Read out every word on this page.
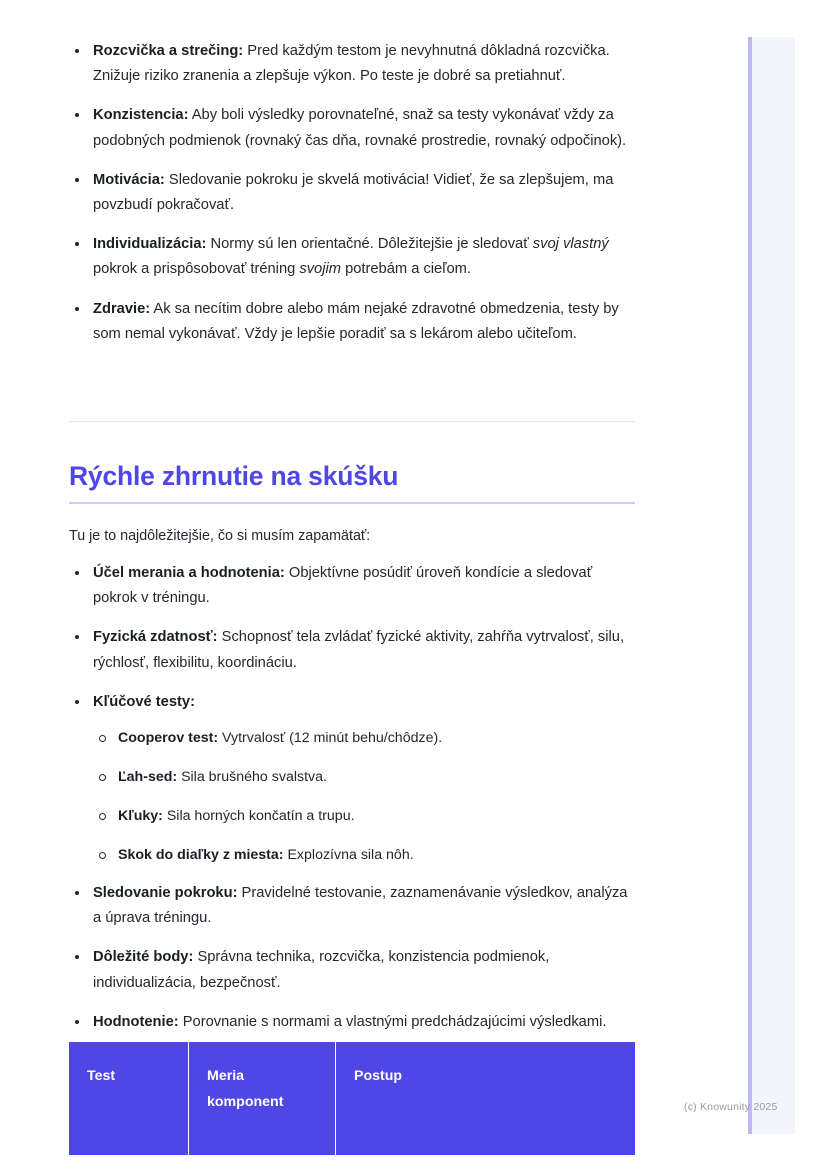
(c) Knowunity 2025
Rozcvička a strečing: Pred každým testom je nevyhnutná dôkladná rozcvička. Znižuje riziko zranenia a zlepšuje výkon. Po teste je dobré sa pretiahnuť.
Konzistencia: Aby boli výsledky porovnateľné, snaž sa testy vykonávať vždy za podobných podmienok (rovnaký čas dňa, rovnaké prostredie, rovnaký odpočinok).
Motivácia: Sledovanie pokroku je skvelá motivácia! Vidieť, že sa zlepšujem, ma povzbudí pokračovať.
Individualizácia: Normy sú len orientačné. Dôležitejšie je sledovať svoj vlastný pokrok a prispôsobovať tréning svojim potrebám a cieľom.
Zdravie: Ak sa necítim dobre alebo mám nejaké zdravotné obmedzenia, testy by som nemal vykonávať. Vždy je lepšie poradiť sa s lekárom alebo učiteľom.
Rýchle zhrnutie na skúšku

Tu je to najdôležitejšie, čo si musím zapamätať:

Účel merania a hodnotenia: Objektívne posúdiť úroveň kondície a sledovať pokrok v tréningu.
Fyzická zdatnosť: Schopnosť tela zvládať fyzické aktivity, zahŕňa vytrvalosť, silu, rýchlosť, flexibilitu, koordináciu.
Kľúčové testy:
Cooperov test: Vytrvalosť (12 minút behu/chôdze).
Ľah-sed: Sila brušného svalstva.
Kľuky: Sila horných končatín a trupu.
Skok do diaľky z miesta: Explozívna sila nôh.
Sledovanie pokroku: Pravidelné testovanie, zaznamenávanie výsledkov, analýza a úprava tréningu.
Dôležité body: Správna technika, rozcvička, konzistencia podmienok, individualizácia, bezpečnosť.
Hodnotenie: Porovnanie s normami a vlastnými predchádzajúcimi výsledkami.
Test	Meria komponent	Postup
